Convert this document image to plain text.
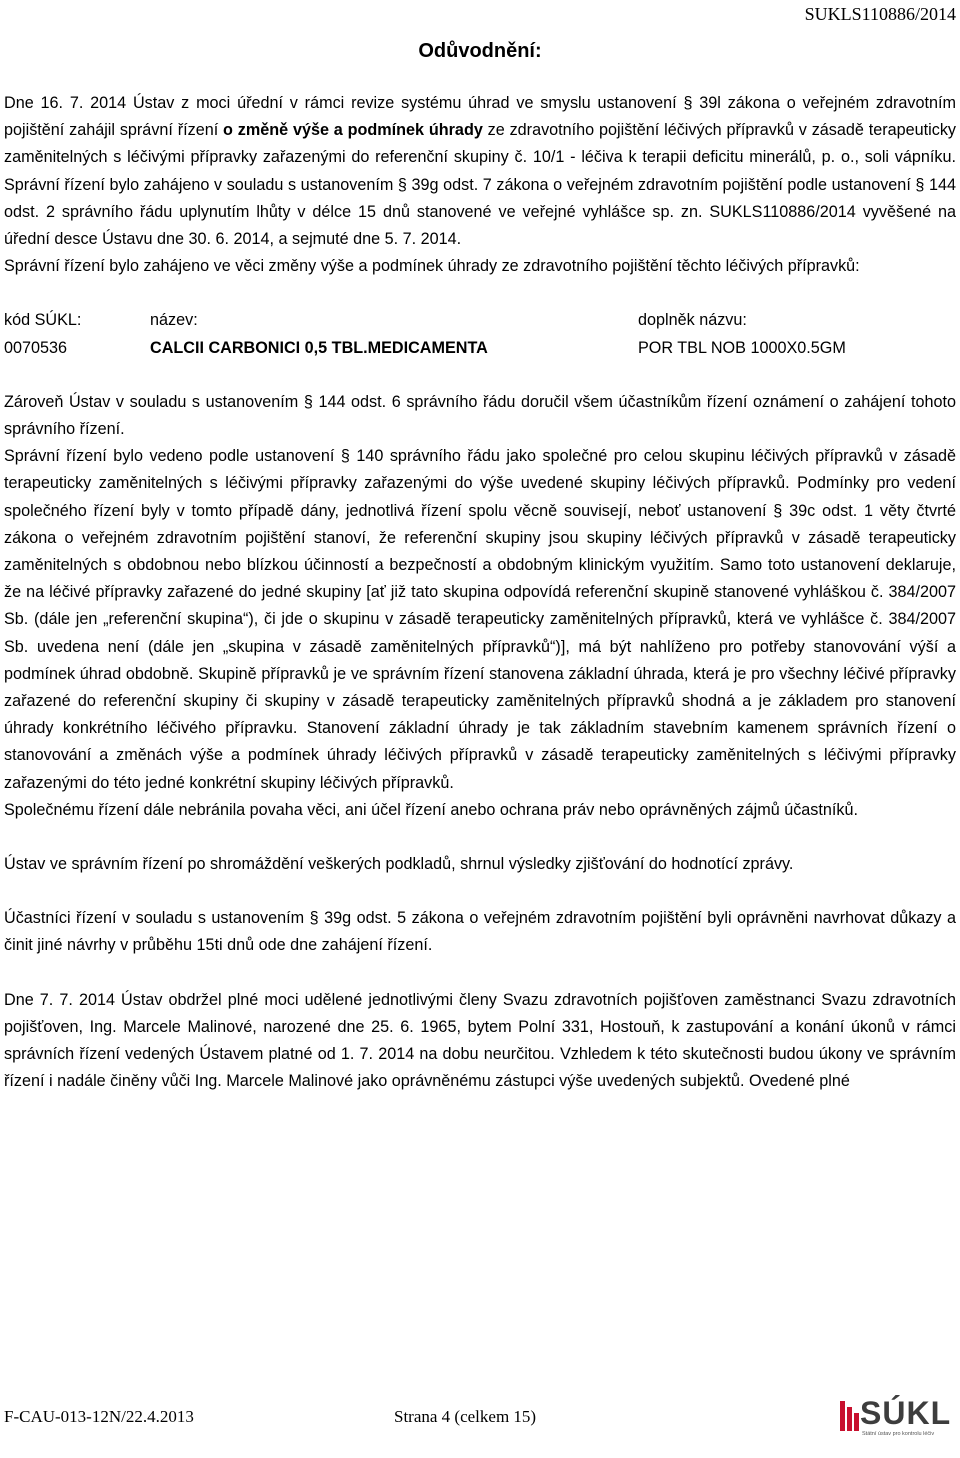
SUKLS110886/2014
Odůvodnění:

Dne 16. 7. 2014 Ústav z moci úřední v rámci revize systému úhrad ve smyslu ustanovení § 39l zákona o veřejném zdravotním pojištění zahájil správní řízení o změně výše a podmínek úhrady ze zdravotního pojištění léčivých přípravků v zásadě terapeuticky zaměnitelných s léčivými přípravky zařazenými do referenční skupiny č. 10/1 - léčiva k terapii deficitu minerálů, p. o., soli vápníku. Správní řízení bylo zahájeno v souladu s ustanovením § 39g odst. 7 zákona o veřejném zdravotním pojištění podle ustanovení § 144 odst. 2 správního řádu uplynutím lhůty v délce 15 dnů stanovené ve veřejné vyhlášce sp. zn. SUKLS110886/2014 vyvěšené na úřední desce Ústavu dne 30. 6. 2014, a sejmuté dne 5. 7. 2014.

Správní řízení bylo zahájeno ve věci změny výše a podmínek úhrady ze zdravotního pojištění těchto léčivých přípravků:

kód SÚKL:	název:	doplněk názvu:
0070536	CALCII CARBONICI 0,5 TBL.MEDICAMENTA	POR TBL NOB 1000X0.5GM

Zároveň Ústav v souladu s ustanovením § 144 odst. 6 správního řádu doručil všem účastníkům řízení oznámení o zahájení tohoto správního řízení.

Správní řízení bylo vedeno podle ustanovení § 140 správního řádu jako společné pro celou skupinu léčivých přípravků v zásadě terapeuticky zaměnitelných s léčivými přípravky zařazenými do výše uvedené skupiny léčivých přípravků. Podmínky pro vedení společného řízení byly v tomto případě dány, jednotlivá řízení spolu věcně souvisejí, neboť ustanovení § 39c odst. 1 věty čtvrté zákona o veřejném zdravotním pojištění stanoví, že referenční skupiny jsou skupiny léčivých přípravků v zásadě terapeuticky zaměnitelných s obdobnou nebo blízkou účinností a bezpečností a obdobným klinickým využitím. Samo toto ustanovení deklaruje, že na léčivé přípravky zařazené do jedné skupiny [ať již tato skupina odpovídá referenční skupině stanovené vyhláškou č. 384/2007 Sb. (dále jen „referenční skupina“), či jde o skupinu v zásadě terapeuticky zaměnitelných přípravků, která ve vyhlášce č. 384/2007 Sb. uvedena není (dále jen „skupina v zásadě zaměnitelných přípravků“)], má být nahlíženo pro potřeby stanovování výší a podmínek úhrad obdobně. Skupině přípravků je ve správním řízení stanovena základní úhrada, která je pro všechny léčivé přípravky zařazené do referenční skupiny či skupiny v zásadě terapeuticky zaměnitelných přípravků shodná a je základem pro stanovení úhrady konkrétního léčivého přípravku. Stanovení základní úhrady je tak základním stavebním kamenem správních řízení o stanovování a změnách výše a podmínek úhrady léčivých přípravků v zásadě terapeuticky zaměnitelných s léčivými přípravky zařazenými do této jedné konkrétní skupiny léčivých přípravků.

Společnému řízení dále nebránila povaha věci, ani účel řízení anebo ochrana práv nebo oprávněných zájmů účastníků.

Ústav ve správním řízení po shromáždění veškerých podkladů, shrnul výsledky zjišťování do hodnotící zprávy.

Účastníci řízení v souladu s ustanovením § 39g odst. 5 zákona o veřejném zdravotním pojištění byli oprávněni navrhovat důkazy a činit jiné návrhy v průběhu 15ti dnů ode dne zahájení řízení.

Dne 7. 7. 2014 Ústav obdržel plné moci udělené jednotlivými členy Svazu zdravotních pojišťoven zaměstnanci Svazu zdravotních pojišťoven, Ing. Marcele Malinové, narozené dne 25. 6. 1965, bytem Polní 331, Hostouň, k zastupování a konání úkonů v rámci správních řízení vedených Ústavem platné od 1. 7. 2014 na dobu neurčitou. Vzhledem k této skutečnosti budou úkony ve správním řízení i nadále činěny vůči Ing. Marcele Malinové jako oprávněnému zástupci výše uvedených subjektů. Ovedené plné

F-CAU-013-12N/22.4.2013	Strana 4 (celkem 15)	SÚKL
Státní ústav pro kontrolu léčiv
